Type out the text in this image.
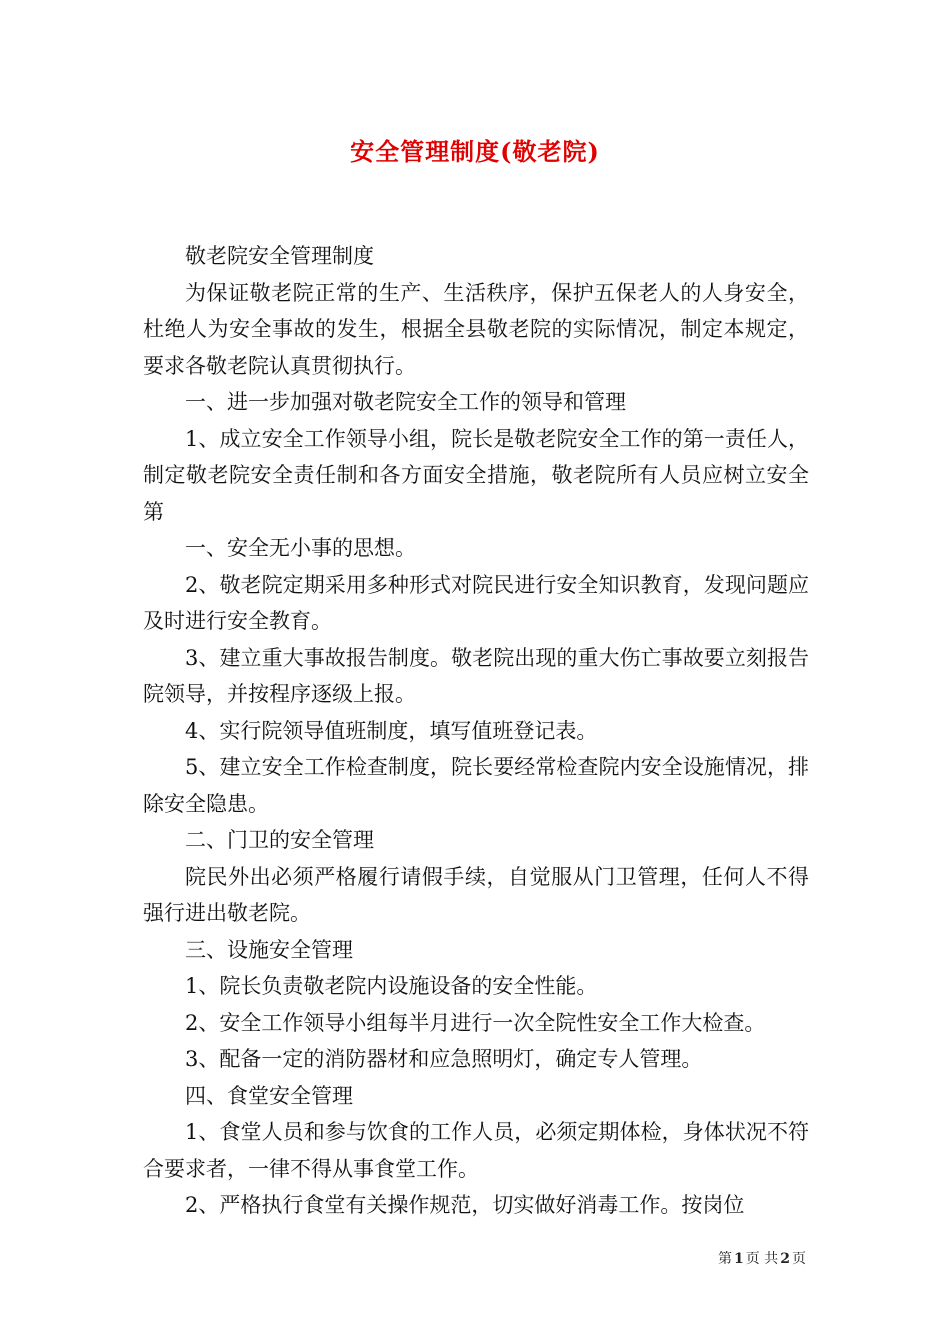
安全管理制度(敬老院)

敬老院安全管理制度

为保证敬老院正常的生产、生活秩序，保护五保老人的人身安全，杜绝人为安全事故的发生，根据全县敬老院的实际情况，制定本规定，要求各敬老院认真贯彻执行。

一、进一步加强对敬老院安全工作的领导和管理

1、成立安全工作领导小组，院长是敬老院安全工作的第一责任人，制定敬老院安全责任制和各方面安全措施，敬老院所有人员应树立安全第

一、安全无小事的思想。

2、敬老院定期采用多种形式对院民进行安全知识教育，发现问题应及时进行安全教育。

3、建立重大事故报告制度。敬老院出现的重大伤亡事故要立刻报告院领导，并按程序逐级上报。

4、实行院领导值班制度，填写值班登记表。

5、建立安全工作检查制度，院长要经常检查院内安全设施情况，排除安全隐患。

二、门卫的安全管理

院民外出必须严格履行请假手续，自觉服从门卫管理，任何人不得强行进出敬老院。

三、设施安全管理

1、院长负责敬老院内设施设备的安全性能。

2、安全工作领导小组每半月进行一次全院性安全工作大检查。

3、配备一定的消防器材和应急照明灯，确定专人管理。

四、食堂安全管理

1、食堂人员和参与饮食的工作人员，必须定期体检，身体状况不符合要求者，一律不得从事食堂工作。

2、严格执行食堂有关操作规范，切实做好消毒工作。按岗位

第 1 页 共 2 页
